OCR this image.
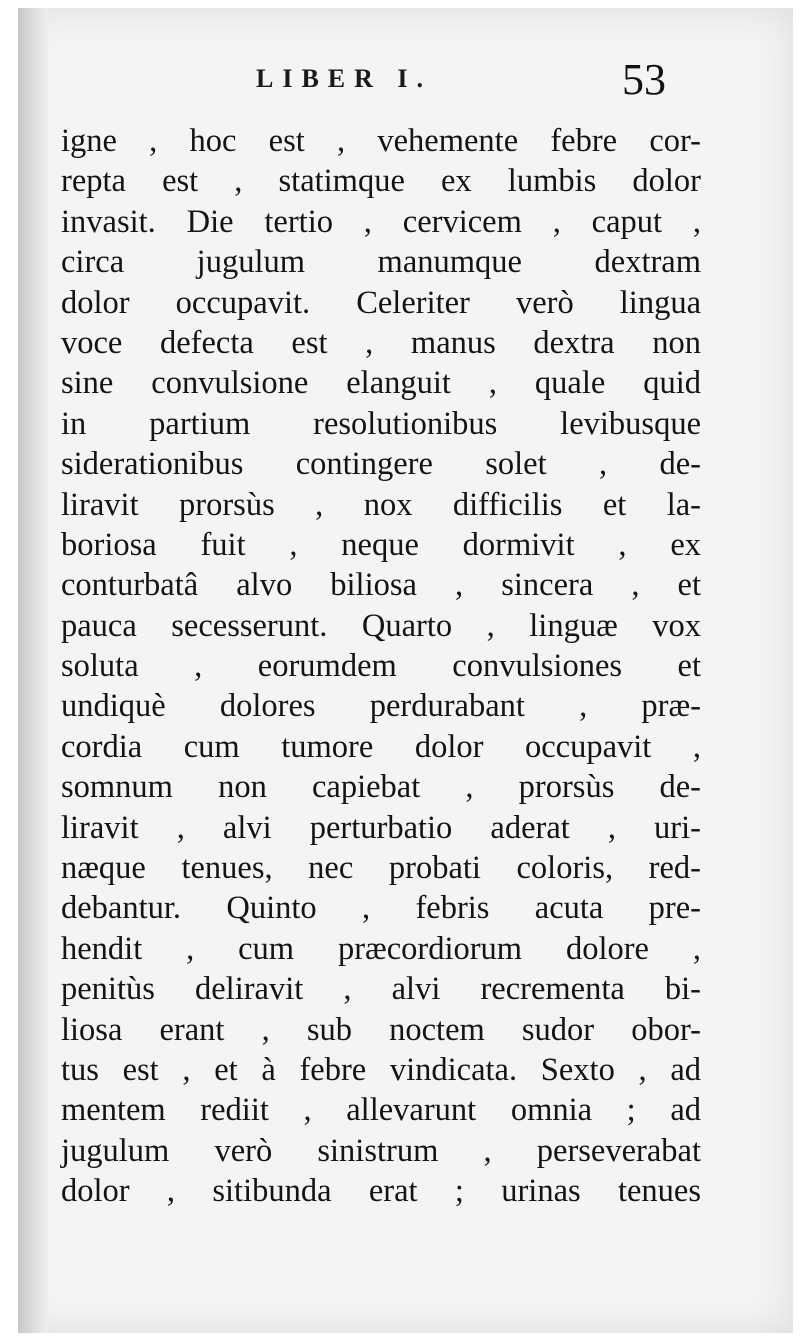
LIBER I.	53
igne , hoc est , vehemente febre cor-
repta est , statimque ex lumbis dolor
invasit. Die tertio , cervicem , caput ,
circa jugulum manumque dextram
dolor occupavit. Celeriter verò lingua
voce defecta est , manus dextra non
sine convulsione elanguit , quale quid
in partium resolutionibus levibusque
siderationibus contingere solet , de-
liravit prorsùs , nox difficilis et la-
boriosa fuit , neque dormivit , ex
conturbatâ alvo biliosa , sincera , et
pauca secesserunt. Quarto , linguæ vox
soluta , eorumdem convulsiones et
undiquè dolores perdurabant , præ-
cordia cum tumore dolor occupavit ,
somnum non capiebat , prorsùs de-
liravit , alvi perturbatio aderat , uri-
næque tenues, nec probati coloris, red-
debantur. Quinto , febris acuta pre-
hendit , cum præcordiorum dolore ,
penitùs deliravit , alvi recrementa bi-
liosa erant , sub noctem sudor obor-
tus est , et à febre vindicata. Sexto , ad
mentem rediit , allevarunt omnia ; ad
jugulum verò sinistrum , perseverabat
dolor , sitibunda erat ; urinas tenues
